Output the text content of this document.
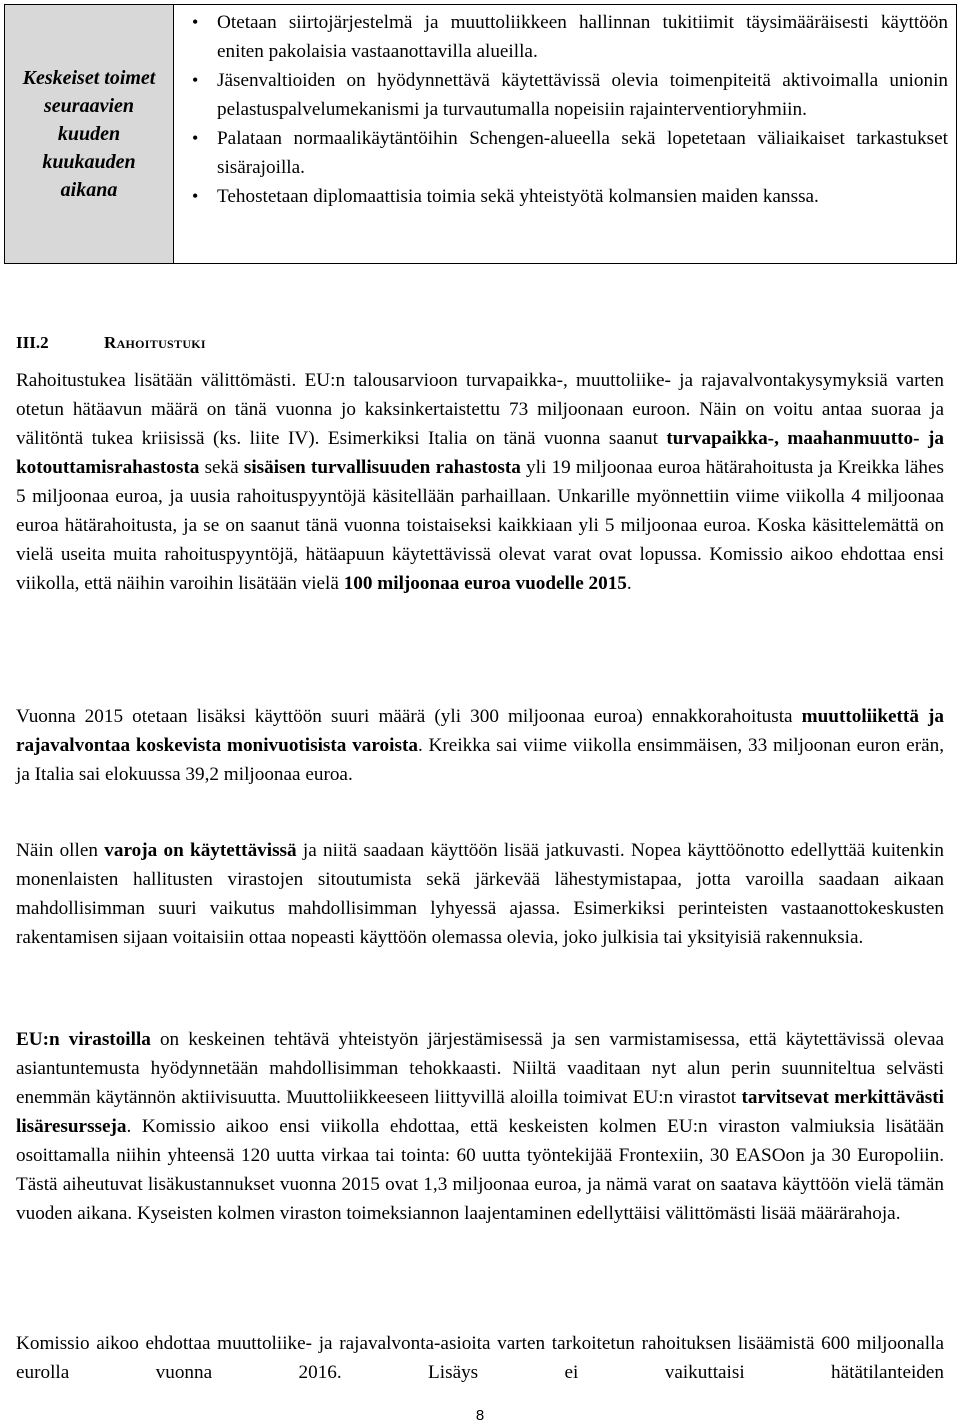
Keskeiset toimet seuraavien kuuden kuukauden aikana

• Otetaan siirtojärjestelmä ja muuttoliikkeen hallinnan tukitiimit täysimääräisesti käyttöön eniten pakolaisia vastaanottavilla alueilla.
• Jäsenvaltioiden on hyödynnettävä käytettävissä olevia toimenpiteitä aktivoimalla unionin pelastuspalvelumekanismi ja turvautumalla nopeisiin rajainterventioryhmiin.
• Palataan normaalikäytäntöihin Schengen-alueella sekä lopetetaan väliaikaiset tarkastukset sisärajoilla.
• Tehostetaan diplomaattisia toimia sekä yhteistyötä kolmansien maiden kanssa.
III.2	Rahoitustuki

Rahoitustukea lisätään välittömästi. EU:n talousarvioon turvapaikka-, muuttoliike- ja rajavalvontakysymyksiä varten otetun hätäavun määrä on tänä vuonna jo kaksinkertaistettu 73 miljoonaan euroon. Näin on voitu antaa suoraa ja välitöntä tukea kriisissä (ks. liite IV). Esimerkiksi Italia on tänä vuonna saanut turvapaikka-, maahanmuutto- ja kotouttamisrahastosta sekä sisäisen turvallisuuden rahastosta yli 19 miljoonaa euroa hätärahoitusta ja Kreikka lähes 5 miljoonaa euroa, ja uusia rahoituspyyntöjä käsitellään parhaillaan. Unkarille myönnettiin viime viikolla 4 miljoonaa euroa hätärahoitusta, ja se on saanut tänä vuonna toistaiseksi kaikkiaan yli 5 miljoonaa euroa. Koska käsittelemättä on vielä useita muita rahoituspyyntöjä, hätäapuun käytettävissä olevat varat ovat lopussa. Komissio aikoo ehdottaa ensi viikolla, että näihin varoihin lisätään vielä 100 miljoonaa euroa vuodelle 2015.

Vuonna 2015 otetaan lisäksi käyttöön suuri määrä (yli 300 miljoonaa euroa) ennakkorahoitusta muuttoliikettä ja rajavalvontaa koskevista monivuotisista varoista. Kreikka sai viime viikolla ensimmäisen, 33 miljoonan euron erän, ja Italia sai elokuussa 39,2 miljoonaa euroa.

Näin ollen varoja on käytettävissä ja niitä saadaan käyttöön lisää jatkuvasti. Nopea käyttöönotto edellyttää kuitenkin monenlaisten hallitusten virastojen sitoutumista sekä järkevää lähestymistapaa, jotta varoilla saadaan aikaan mahdollisimman suuri vaikutus mahdollisimman lyhyessä ajassa. Esimerkiksi perinteisten vastaanottokeskusten rakentamisen sijaan voitaisiin ottaa nopeasti käyttöön olemassa olevia, joko julkisia tai yksityisiä rakennuksia.

EU:n virastoilla on keskeinen tehtävä yhteistyön järjestämisessä ja sen varmistamisessa, että käytettävissä olevaa asiantuntemusta hyödynnetään mahdollisimman tehokkaasti. Niiltä vaaditaan nyt alun perin suunniteltua selvästi enemmän käytännön aktiivisuutta. Muuttoliikkeeseen liittyvillä aloilla toimivat EU:n virastot tarvitsevat merkittävästi lisäresursseja. Komissio aikoo ensi viikolla ehdottaa, että keskeisten kolmen EU:n viraston valmiuksia lisätään osoittamalla niihin yhteensä 120 uutta virkaa tai tointa: 60 uutta työntekijää Frontexiin, 30 EASOon ja 30 Europoliin. Tästä aiheutuvat lisäkustannukset vuonna 2015 ovat 1,3 miljoonaa euroa, ja nämä varat on saatava käyttöön vielä tämän vuoden aikana. Kyseisten kolmen viraston toimeksiannon laajentaminen edellyttäisi välittömästi lisää määrärahoja.

Komissio aikoo ehdottaa muuttoliike- ja rajavalvonta-asioita varten tarkoitetun rahoituksen lisäämistä 600 miljoonalla eurolla vuonna 2016. Lisäys ei vaikuttaisi hätätilanteiden

8
